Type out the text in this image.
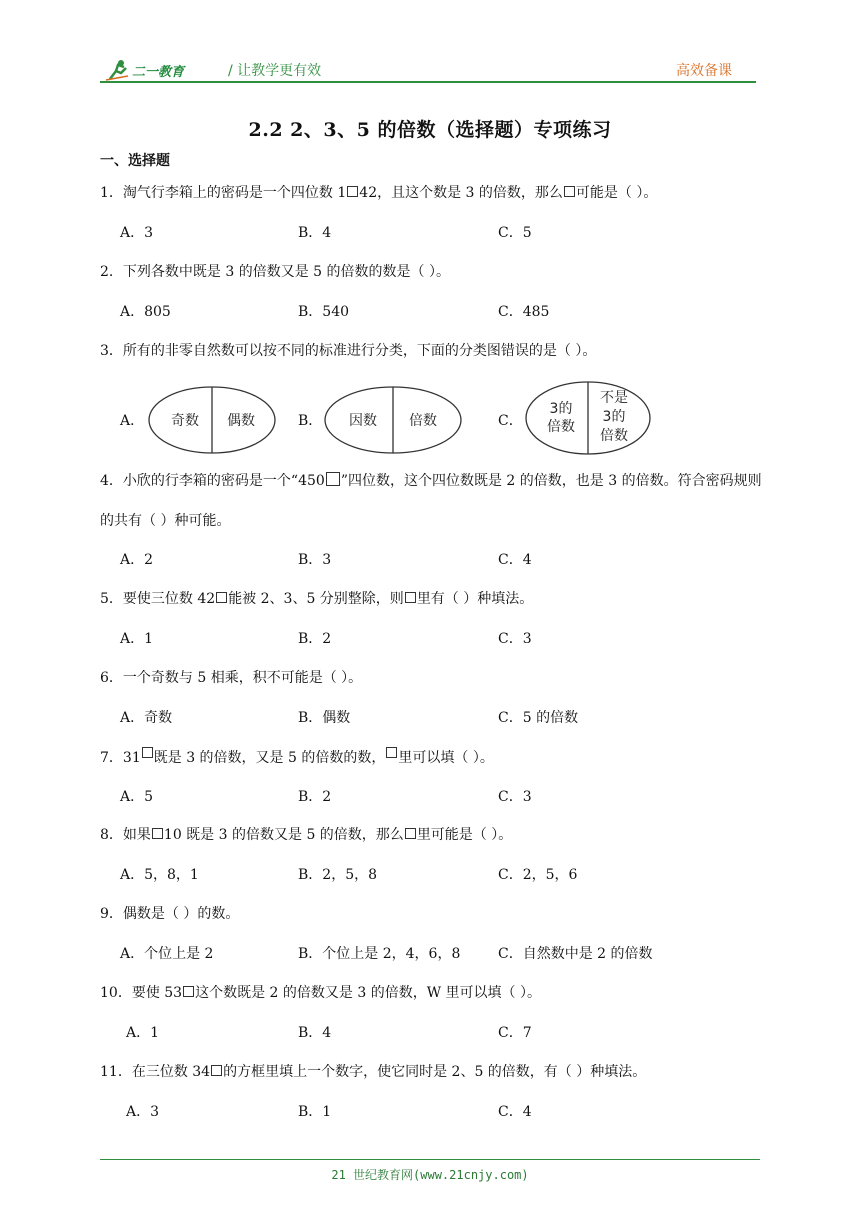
二一教育	/ 让教学更有效	高效备课
2.2 2、3、5 的倍数（选择题）专项练习
一、选择题
1．淘气行李箱上的密码是一个四位数 1 42，且这个数是 3 的倍数，那么 可能是（ ）。
A．3	B．4	C．5
2．下列各数中既是 3 的倍数又是 5 的倍数的数是（ ）。
A．805	B．540	C．485
3．所有的非零自然数可以按不同的标准进行分类，下面的分类图错误的是（ ）。
A． 奇数 偶数	B． 因数 倍数	C．
3的
倍数
不是
3的
倍数
4．小欣的行李箱的密码是一个“450 ”四位数，这个四位数既是 2 的倍数，也是 3 的倍数。符合密码规则的共有（ ）种可能。
A．2	B．3	C．4
5．要使三位数 42 能被 2、3、5 分别整除，则 里有（ ）种填法。
A．1	B．2	C．3
6．一个奇数与 5 相乘，积不可能是（ ）。
A．奇数	B．偶数	C．5 的倍数
7．31 既是 3 的倍数，又是 5 的倍数的数， 里可以填（ ）。
A．5	B．2	C．3
8．如果 10 既是 3 的倍数又是 5 的倍数，那么 里可能是（ ）。
A．5，8，1	B．2，5，8	C．2，5，6
9．偶数是（ ）的数。
A．个位上是 2	B．个位上是 2，4，6，8	C．自然数中是 2 的倍数
10．要使 53 这个数既是 2 的倍数又是 3 的倍数，W 里可以填（ ）。
A．1	B．4	C．7
11．在三位数 34 的方框里填上一个数字，使它同时是 2、5 的倍数，有（ ）种填法。
A．3	B．1	C．4
21 世纪教育网(www.21cnjy.com)
